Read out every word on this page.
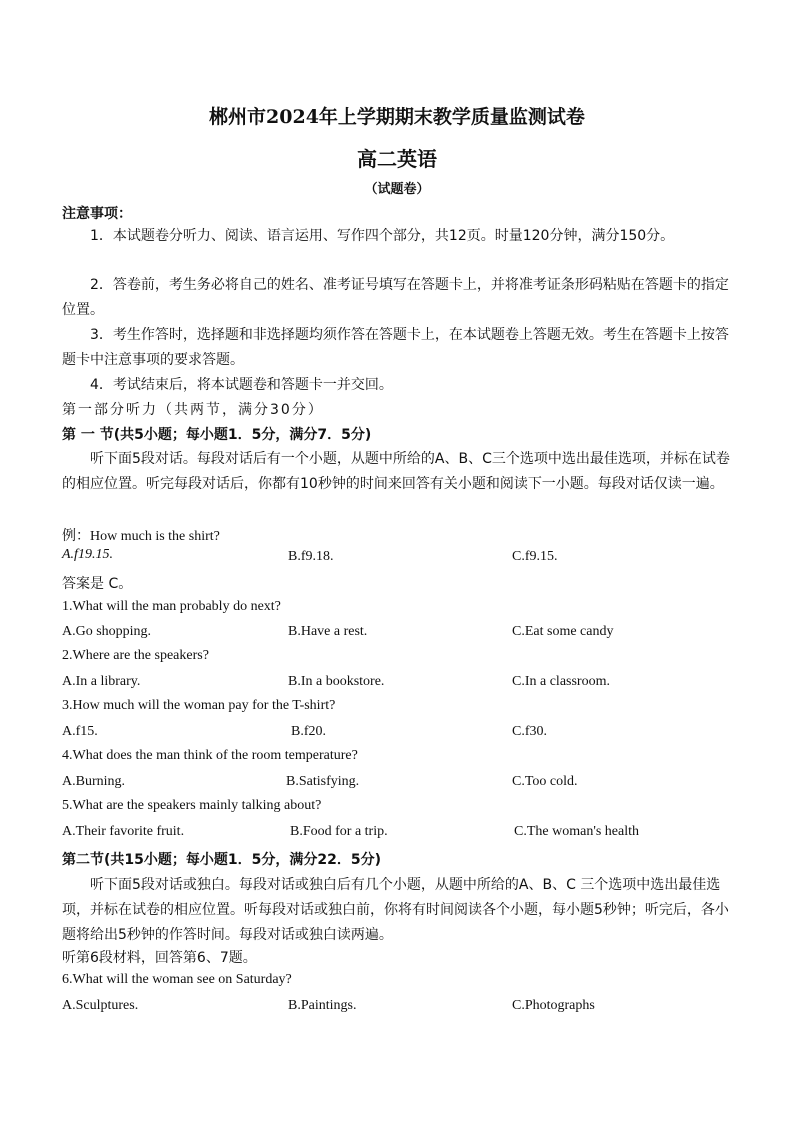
郴州市2024年上学期期末教学质量监测试卷
高二英语
（试题卷）
注意事项：
1．本试题卷分听力、阅读、语言运用、写作四个部分，共12页。时量120分钟，满分150分。
2．答卷前，考生务必将自己的姓名、准考证号填写在答题卡上，并将准考证条形码粘贴在答题卡的指定位置。
3．考生作答时，选择题和非选择题均须作答在答题卡上，在本试题卷上答题无效。考生在答题卡上按答题卡中注意事项的要求答题。
4．考试结束后，将本试题卷和答题卡一并交回。
第一部分听力（共两节，满分30分）
第 一 节(共5小题；每小题1．5分，满分7．5分)
听下面5段对话。每段对话后有一个小题，从题中所给的A、B、C三个选项中选出最佳选项，并标在试卷的相应位置。听完每段对话后，你都有10秒钟的时间来回答有关小题和阅读下一小题。每段对话仅读一遍。
例：How much is the shirt?
A.f19.15.	B.f9.18.	C.f9.15.
答案是 C。
1.What will the man probably do next?
A.Go shopping.	B.Have a rest.	C.Eat some candy
2.Where are the speakers?
A.In a library.	B.In a bookstore.	C.In a classroom.
3.How much will the woman pay for the T-shirt?
A.f15.	B.f20.	C.f30.
4.What does the man think of the room temperature?
A.Burning.	B.Satisfying.	C.Too cold.
5.What are the speakers mainly talking about?
A.Their favorite fruit.	B.Food for a trip.	C.The woman's health
第二节(共15小题；每小题1．5分，满分22．5分)
听下面5段对话或独白。每段对话或独白后有几个小题，从题中所给的A、B、C 三个选项中选出最佳选项，并标在试卷的相应位置。听每段对话或独白前，你将有时间阅读各个小题，每小题5秒钟；听完后，各小题将给出5秒钟的作答时间。每段对话或独白读两遍。
听第6段材料，回答第6、7题。
6.What will the woman see on Saturday?
A.Sculptures.	B.Paintings.	C.Photographs
